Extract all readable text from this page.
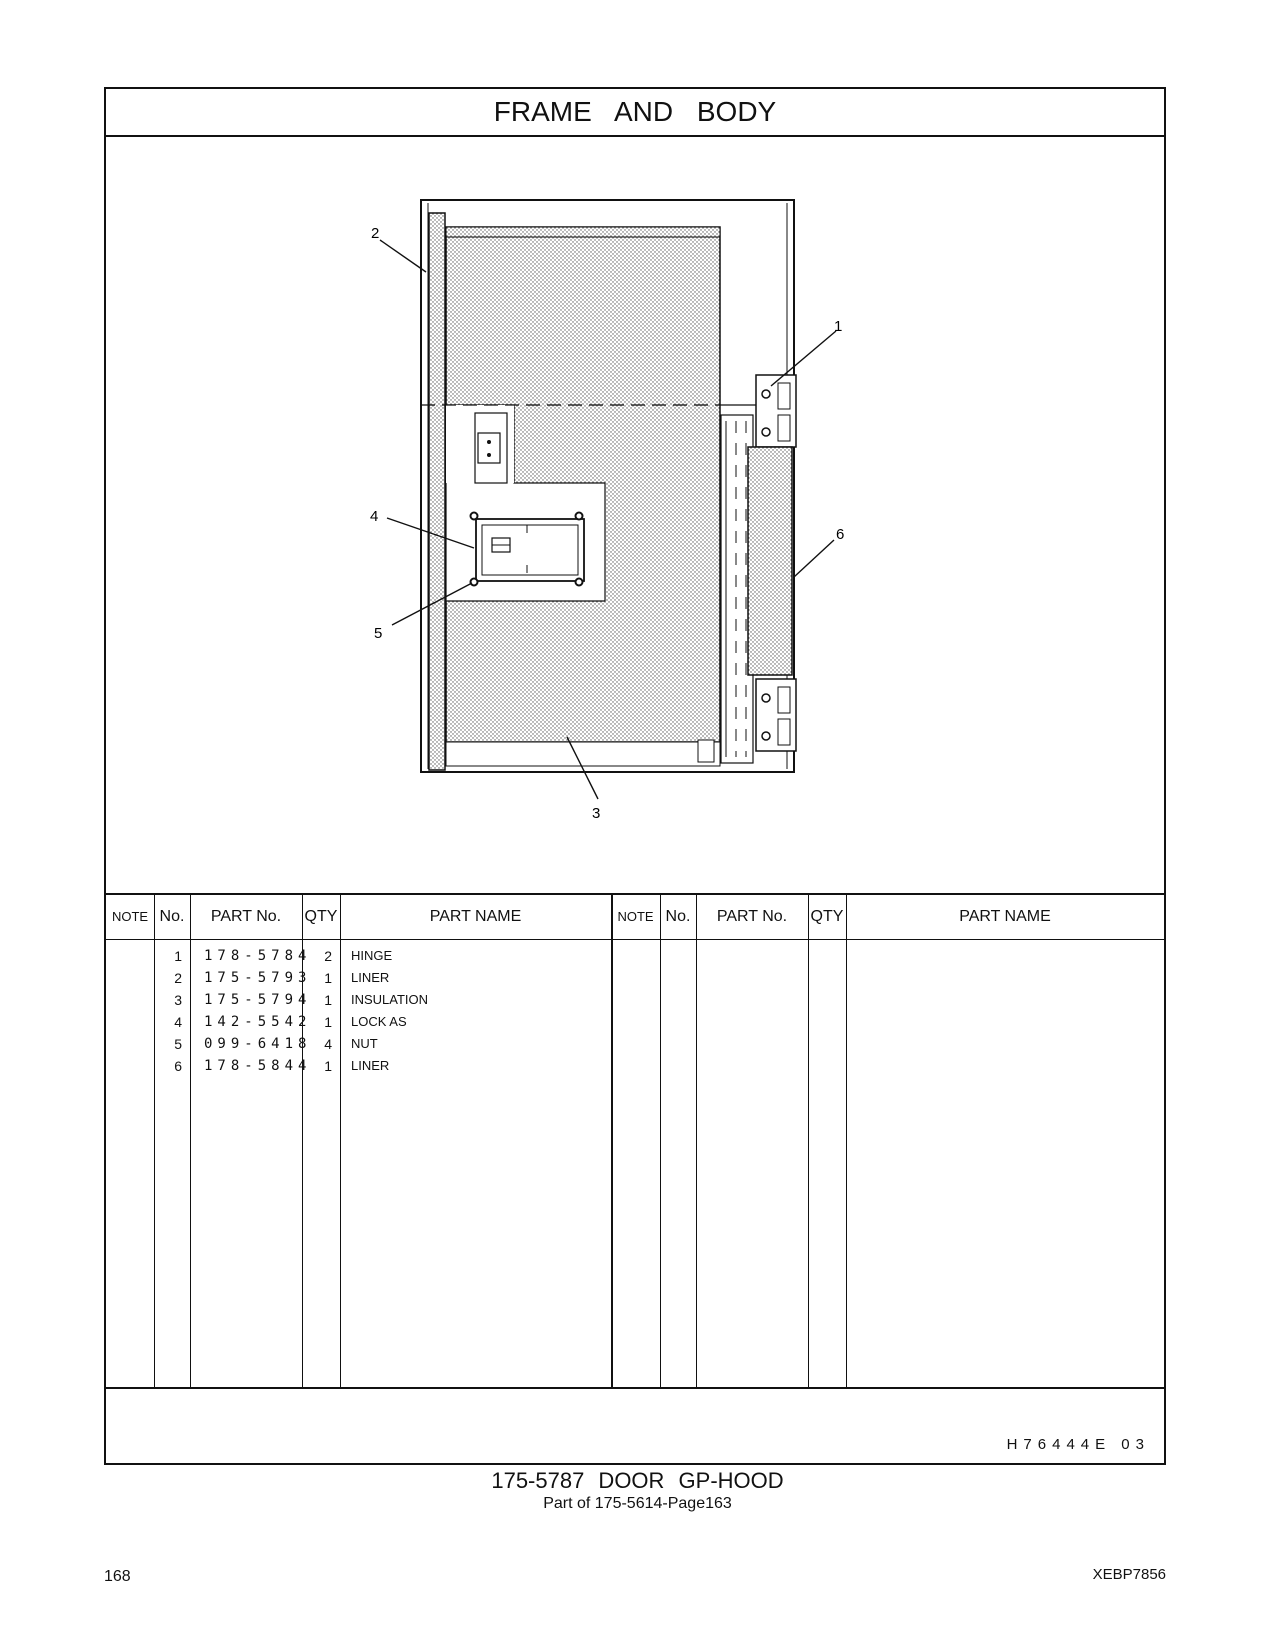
FRAME AND BODY
2
1
3
4
5
6
NOTE No.	PART No.	QTY	PART NAME	NOTE No.	PART No.	QTY	PART NAME
1 178-5784 2 HINGE
2 175-5793 1 LINER
3 175-5794 1 INSULATION
4 142-5542 1 LOCK AS
5 099-6418 4 NUT
6 178-5844 1 LINER
H76444E 03
175-5787 DOOR GP-HOOD
Part of 175-5614-Page163
168	XEBP7856
